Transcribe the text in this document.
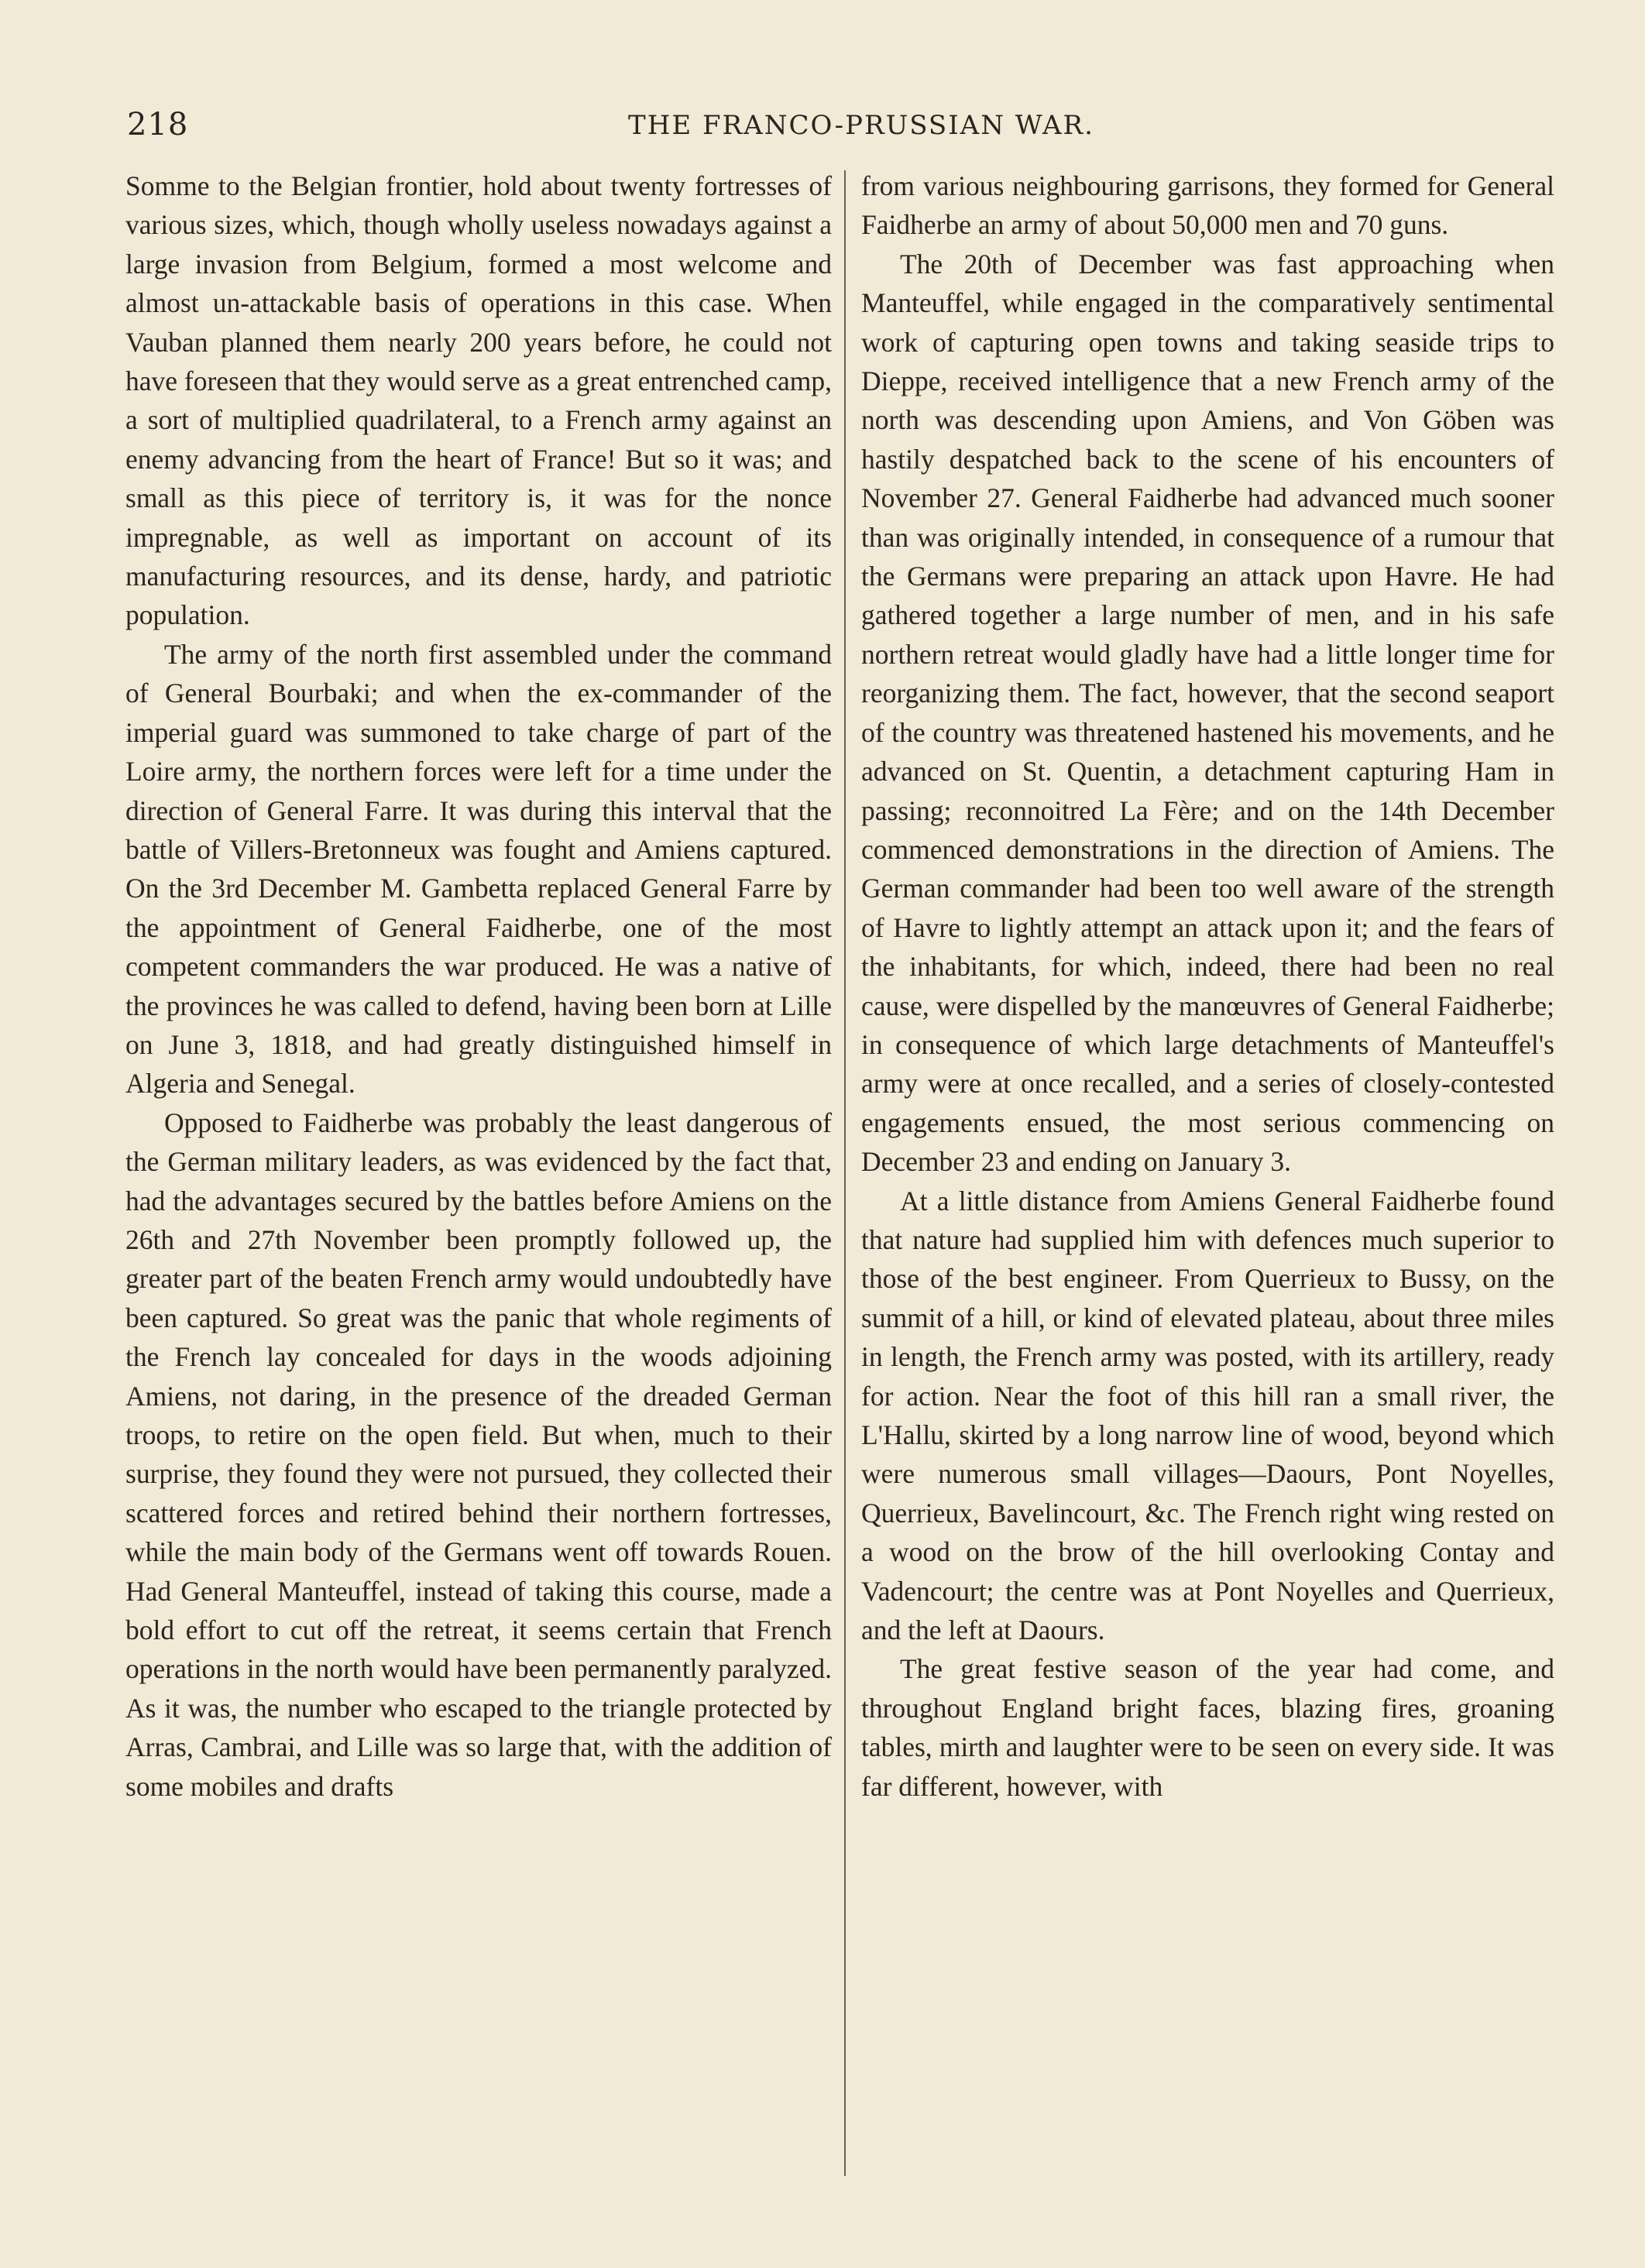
218	THE FRANCO-PRUSSIAN WAR.

Somme to the Belgian frontier, hold about twenty fortresses of various sizes, which, though wholly useless nowadays against a large invasion from Belgium, formed a most welcome and almost un-attackable basis of operations in this case. When Vauban planned them nearly 200 years before, he could not have foreseen that they would serve as a great entrenched camp, a sort of multiplied quadrilateral, to a French army against an enemy advancing from the heart of France! But so it was; and small as this piece of territory is, it was for the nonce impregnable, as well as important on account of its manufacturing resources, and its dense, hardy, and patriotic population.

The army of the north first assembled under the command of General Bourbaki; and when the ex-commander of the imperial guard was summoned to take charge of part of the Loire army, the northern forces were left for a time under the direction of General Farre. It was during this interval that the battle of Villers-Bretonneux was fought and Amiens captured. On the 3rd December M. Gambetta replaced General Farre by the appointment of General Faidherbe, one of the most competent commanders the war produced. He was a native of the provinces he was called to defend, having been born at Lille on June 3, 1818, and had greatly distinguished himself in Algeria and Senegal.

Opposed to Faidherbe was probably the least dangerous of the German military leaders, as was evidenced by the fact that, had the advantages secured by the battles before Amiens on the 26th and 27th November been promptly followed up, the greater part of the beaten French army would undoubtedly have been captured. So great was the panic that whole regiments of the French lay concealed for days in the woods adjoining Amiens, not daring, in the presence of the dreaded German troops, to retire on the open field. But when, much to their surprise, they found they were not pursued, they collected their scattered forces and retired behind their northern fortresses, while the main body of the Germans went off towards Rouen. Had General Manteuffel, instead of taking this course, made a bold effort to cut off the retreat, it seems certain that French operations in the north would have been permanently paralyzed. As it was, the number who escaped to the triangle protected by Arras, Cambrai, and Lille was so large that, with the addition of some mobiles and drafts

from various neighbouring garrisons, they formed for General Faidherbe an army of about 50,000 men and 70 guns.

The 20th of December was fast approaching when Manteuffel, while engaged in the comparatively sentimental work of capturing open towns and taking seaside trips to Dieppe, received intelligence that a new French army of the north was descending upon Amiens, and Von Göben was hastily despatched back to the scene of his encounters of November 27. General Faidherbe had advanced much sooner than was originally intended, in consequence of a rumour that the Germans were preparing an attack upon Havre. He had gathered together a large number of men, and in his safe northern retreat would gladly have had a little longer time for reorganizing them. The fact, however, that the second seaport of the country was threatened hastened his movements, and he advanced on St. Quentin, a detachment capturing Ham in passing; reconnoitred La Fère; and on the 14th December commenced demonstrations in the direction of Amiens. The German commander had been too well aware of the strength of Havre to lightly attempt an attack upon it; and the fears of the inhabitants, for which, indeed, there had been no real cause, were dispelled by the manœuvres of General Faidherbe; in consequence of which large detachments of Manteuffel's army were at once recalled, and a series of closely-contested engagements ensued, the most serious commencing on December 23 and ending on January 3.

At a little distance from Amiens General Faidherbe found that nature had supplied him with defences much superior to those of the best engineer. From Querrieux to Bussy, on the summit of a hill, or kind of elevated plateau, about three miles in length, the French army was posted, with its artillery, ready for action. Near the foot of this hill ran a small river, the L'Hallu, skirted by a long narrow line of wood, beyond which were numerous small villages—Daours, Pont Noyelles, Querrieux, Bavelincourt, &c. The French right wing rested on a wood on the brow of the hill overlooking Contay and Vadencourt; the centre was at Pont Noyelles and Querrieux, and the left at Daours.

The great festive season of the year had come, and throughout England bright faces, blazing fires, groaning tables, mirth and laughter were to be seen on every side. It was far different, however, with
